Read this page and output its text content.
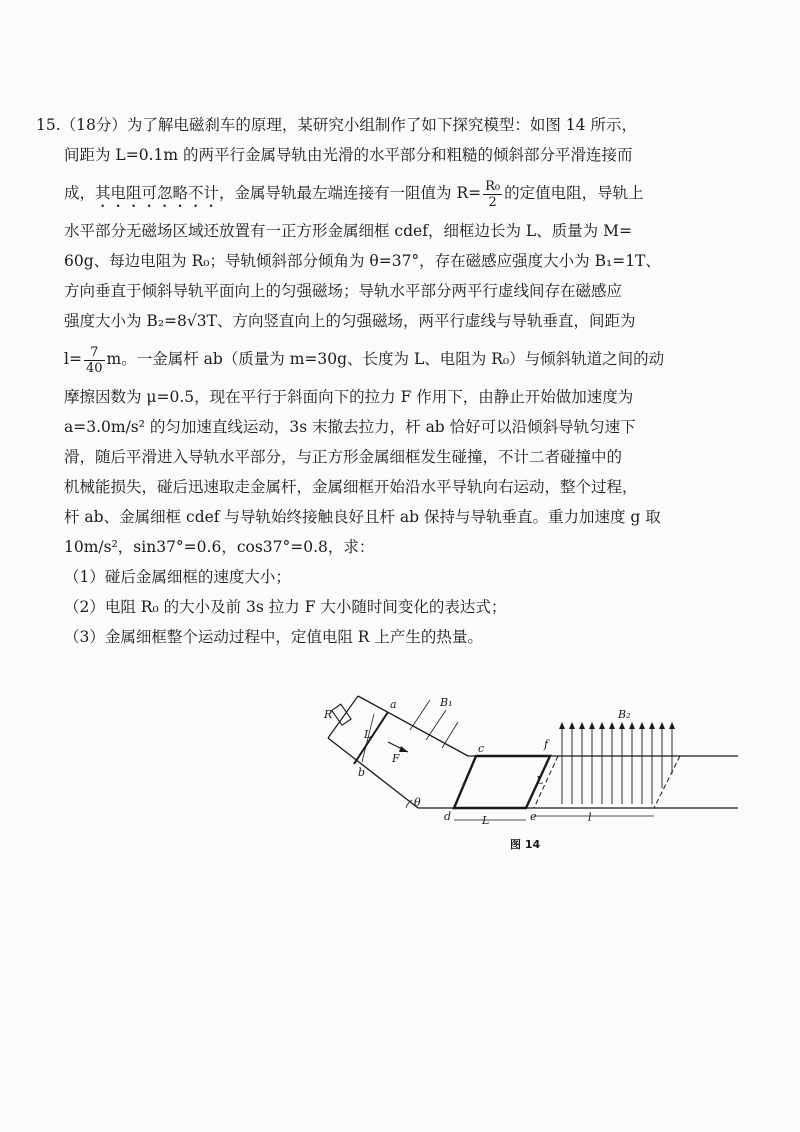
15.（18分）为了解电磁刹车的原理，某研究小组制作了如下探究模型：如图 14 所示，
间距为 L=0.1m 的两平行金属导轨由光滑的水平部分和粗糙的倾斜部分平滑连接而
成，其电阻可忽略不计，金属导轨最左端连接有一阻值为 $R= \frac{\text{R₀}}{2}$ 的定值电阻，导轨上
水平部分无磁场区域还放置有一正方形金属细框 cdef，细框边长为 L、质量为 M=
60g、每边电阻为 R₀；导轨倾斜部分倾角为 θ=37°，存在磁感应强度大小为 B₁=1T、
方向垂直于倾斜导轨平面向上的匀强磁场；导轨水平部分两平行虚线间存在磁感应
强度大小为 B₂=8√3T、方向竖直向上的匀强磁场，两平行虚线与导轨垂直，间距为
$l= \frac{7}{40}$ m。一金属杆 ab（质量为 m=30g、长度为 L、电阻为 R₀）与倾斜轨道之间的动
摩擦因数为 μ=0.5，现在平行于斜面向下的拉力 F 作用下，由静止开始做加速度为
a=3.0m/s² 的匀加速直线运动，3s 末撤去拉力，杆 ab 恰好可以沿倾斜导轨匀速下
滑，随后平滑进入导轨水平部分，与正方形金属细框发生碰撞，不计二者碰撞中的
机械能损失，碰后迅速取走金属杆，金属细框开始沿水平导轨向右运动，整个过程，
杆 ab、金属细框 cdef 与导轨始终接触良好且杆 ab 保持与导轨垂直。重力加速度 g 取
10m/s²，sin37°=0.6，cos37°=0.8，求：
（1）碰后金属细框的速度大小；
（2）电阻 R₀ 的大小及前 3s 拉力 F 大小随时间变化的表达式；
（3）金属细框整个运动过程中，定值电阻 R 上产生的热量。
R
a
b
L
F
B₁
θ
c
d	e
f
L
B₂
L	l
图 14
